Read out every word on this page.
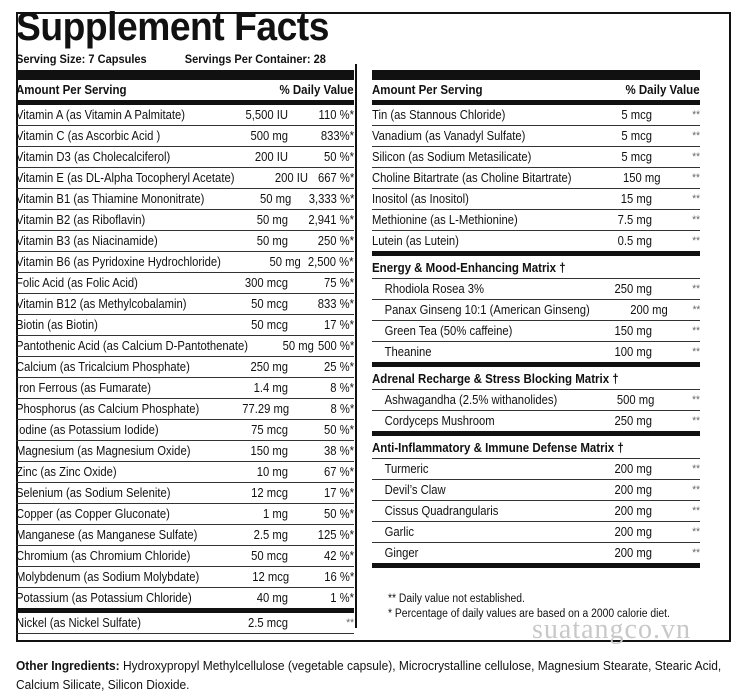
Supplement Facts
Serving Size: 7 Capsules	Servings Per Container: 28
Amount Per Serving	% Daily Value
Vitamin A (as Vitamin A Palmitate)	5,500 IU	110 %*
Vitamin C (as Ascorbic Acid )	500 mg	833%*
Vitamin D3 (as Cholecalciferol)	200 IU	50 %*
Vitamin E (as DL-Alpha Tocopheryl Acetate)	200 IU 667 %*
Vitamin B1 (as Thiamine Mononitrate)	50 mg	3,333 %*
Vitamin B2 (as Riboflavin)	50 mg	2,941 %*
Vitamin B3 (as Niacinamide)	50 mg	250 %*
Vitamin B6 (as Pyridoxine Hydrochloride)	50 mg 2,500 %*
Folic Acid (as Folic Acid)	300 mcg	75 %*
Vitamin B12 (as Methylcobalamin)	50 mcg	833 %*
Biotin (as Biotin)	50 mcg	17 %*
Pantothenic Acid (as Calcium D-Pantothenate)	50 mg 500 %*
Calcium (as Tricalcium Phosphate)	250 mg	25 %*
Iron Ferrous (as Fumarate)	1.4 mg	8 %*
Phosphorus (as Calcium Phosphate)	77.29 mg	8 %*
Iodine (as Potassium Iodide)	75 mcg	50 %*
Magnesium (as Magnesium Oxide)	150 mg	38 %*
Zinc (as Zinc Oxide)	10 mg	67 %*
Selenium (as Sodium Selenite)	12 mcg	17 %*
Copper (as Copper Gluconate)	1 mg	50 %*
Manganese (as Manganese Sulfate)	2.5 mg	125 %*
Chromium (as Chromium Chloride)	50 mcg	42 %*
Molybdenum (as Sodium Molybdate)	12 mcg	16 %*
Potassium (as Potassium Chloride)	40 mg	1 %*
Nickel (as Nickel Sulfate)	2.5 mcg	**
Amount Per Serving	% Daily Value
Tin (as Stannous Chloride)	5 mcg	**
Vanadium (as Vanadyl Sulfate)	5 mcg	**
Silicon (as Sodium Metasilicate)	5 mcg	**
Choline Bitartrate (as Choline Bitartrate)	150 mg	**
Inositol (as Inositol)	15 mg	**
Methionine (as L-Methionine)	7.5 mg	**
Lutein (as Lutein)	0.5 mg	**
Energy & Mood-Enhancing Matrix †
Rhodiola Rosea 3%	250 mg	**
Panax Ginseng 10:1 (American Ginseng)	200 mg	**
Green Tea (50% caffeine)	150 mg	**
Theanine	100 mg	**
Adrenal Recharge & Stress Blocking Matrix †
Ashwagandha (2.5% withanolides)	500 mg	**
Cordyceps Mushroom	250 mg	**
Anti-Inflammatory & Immune Defense Matrix †
Turmeric	200 mg	**
Devil’s Claw	200 mg	**
Cissus Quadrangularis	200 mg	**
Garlic	200 mg	**
Ginger	200 mg	**
** Daily value not established.
* Percentage of daily values are based on a 2000 calorie diet.
suatangco.vn
Other Ingredients: Hydroxypropyl Methylcellulose (vegetable capsule), Microcrystalline cellulose, Magnesium Stearate, Stearic Acid, Calcium Silicate, Silicon Dioxide.
